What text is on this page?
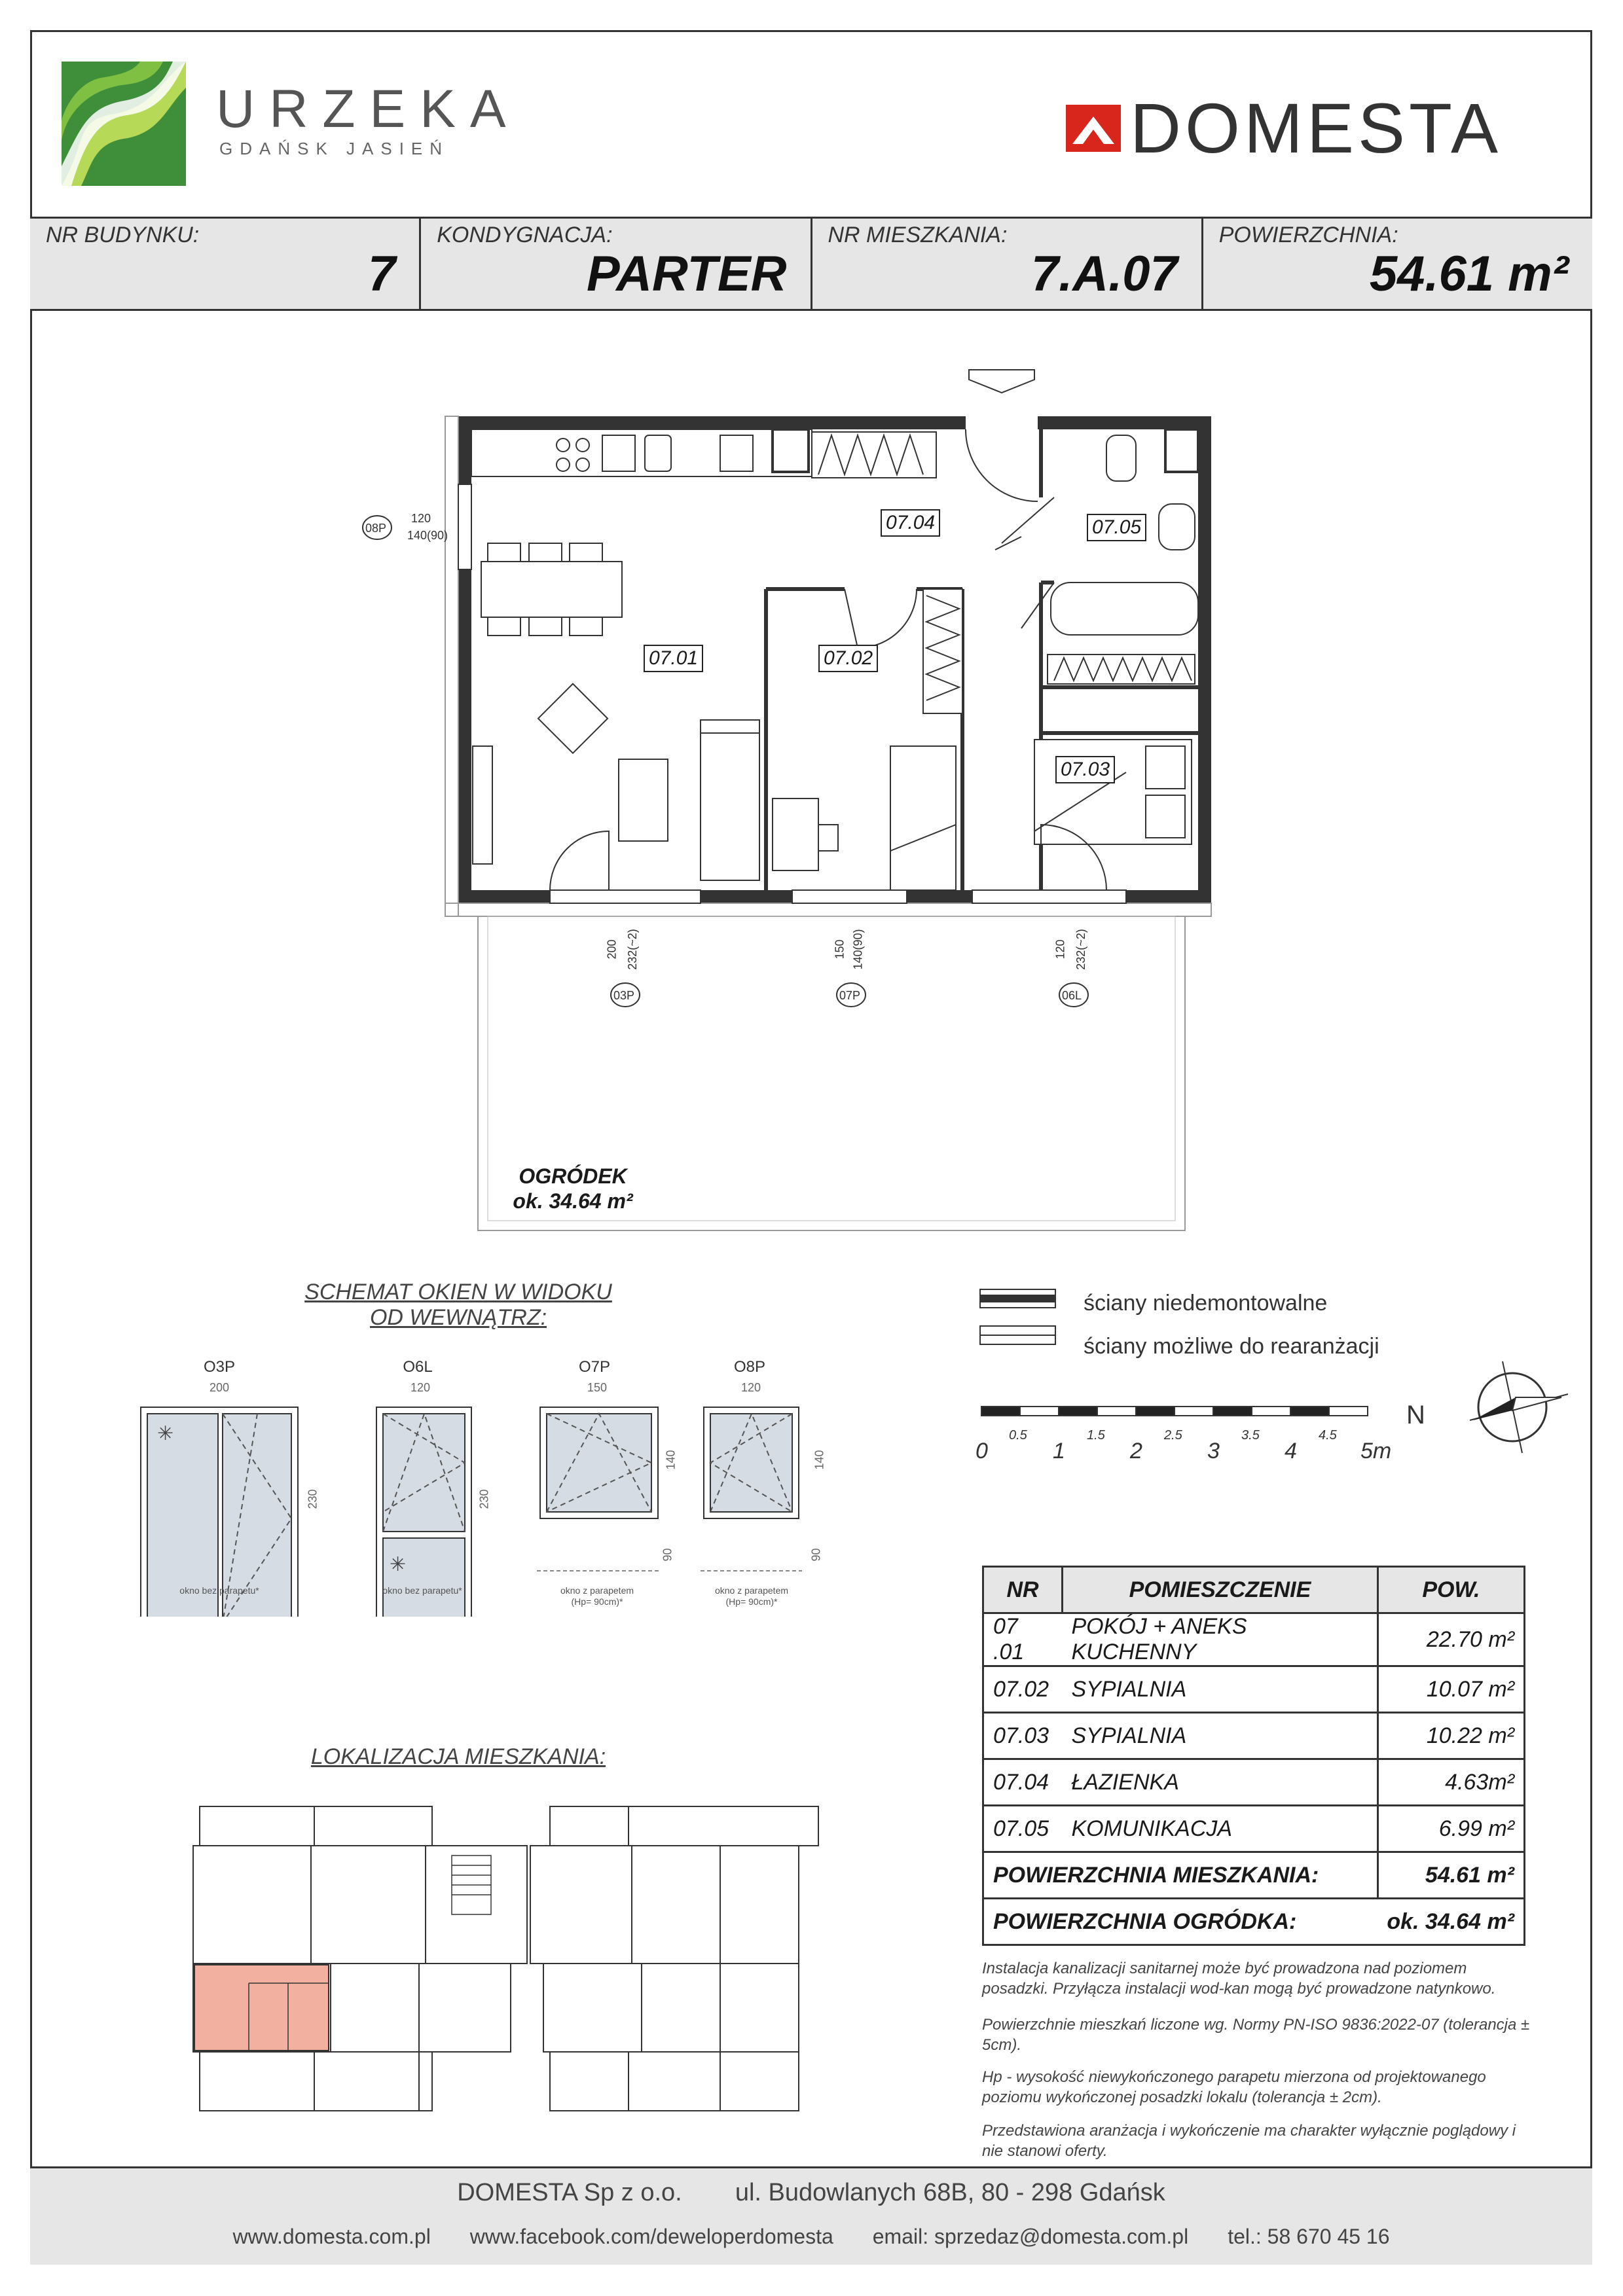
URZEKA
GDAŃSK JASIEŃ	DOMESTA
NR BUDYNKU:
7
KONDYGNACJA:
PARTER
NR MIESZKANIA:
7.A.07
POWIERZCHNIA:
54.61 m²
07.01	07.02
07.03
07.04	07.05
08P
03P	07P	06L
120
140(90)
200 232(~2)	150 140(90)	120 232(~2)
OGRÓDEK
ok. 34.64 m²
SCHEMAT OKIEN W WIDOKU
OD WEWNĄTRZ:
✳
✳
O3P
200
230
okno bez parapetu*
O6L
120
230
okno bez parapetu*
O7P
150
140
90
okno z parapetem
(Hp= 90cm)*
O8P
120
140
90
okno z parapetem
(Hp= 90cm)*
ściany niedemontowalne
ściany możliwe do rearanżacji
0.5	1.5	2.5	3.5	4.5
0	1	2	3	4	5m
N
LOKALIZACJA MIESZKANIA:
NR	POMIESZCZENIE	POW.
07 .01	POKÓJ + ANEKS KUCHENNY	22.70 m²
07.02	SYPIALNIA	10.07 m²
07.03	SYPIALNIA	10.22 m²
07.04	ŁAZIENKA	4.63m²
07.05	KOMUNIKACJA	6.99 m²
POWIERZCHNIA MIESZKANIA:		54.61 m²
POWIERZCHNIA OGRÓDKA:		ok. 34.64 m²
Instalacja kanalizacji sanitarnej może być prowadzona nad poziomem posadzki. Przyłącza instalacji wod-kan mogą być prowadzone natynkowo.
Powierzchnie mieszkań liczone wg. Normy PN-ISO 9836:2022-07 (tolerancja ± 5cm).
Hp - wysokość niewykończonego parapetu mierzona od projektowanego poziomu wykończonej posadzki lokalu (tolerancja ± 2cm).
Przedstawiona aranżacja i wykończenie ma charakter wyłącznie poglądowy i nie stanowi oferty.
DOMESTA Sp z o.o. ul. Budowlanych 68B, 80 - 298 Gdańsk
www.domesta.com.pl www.facebook.com/deweloperdomesta email: sprzedaz@domesta.com.pl tel.: 58 670 45 16
